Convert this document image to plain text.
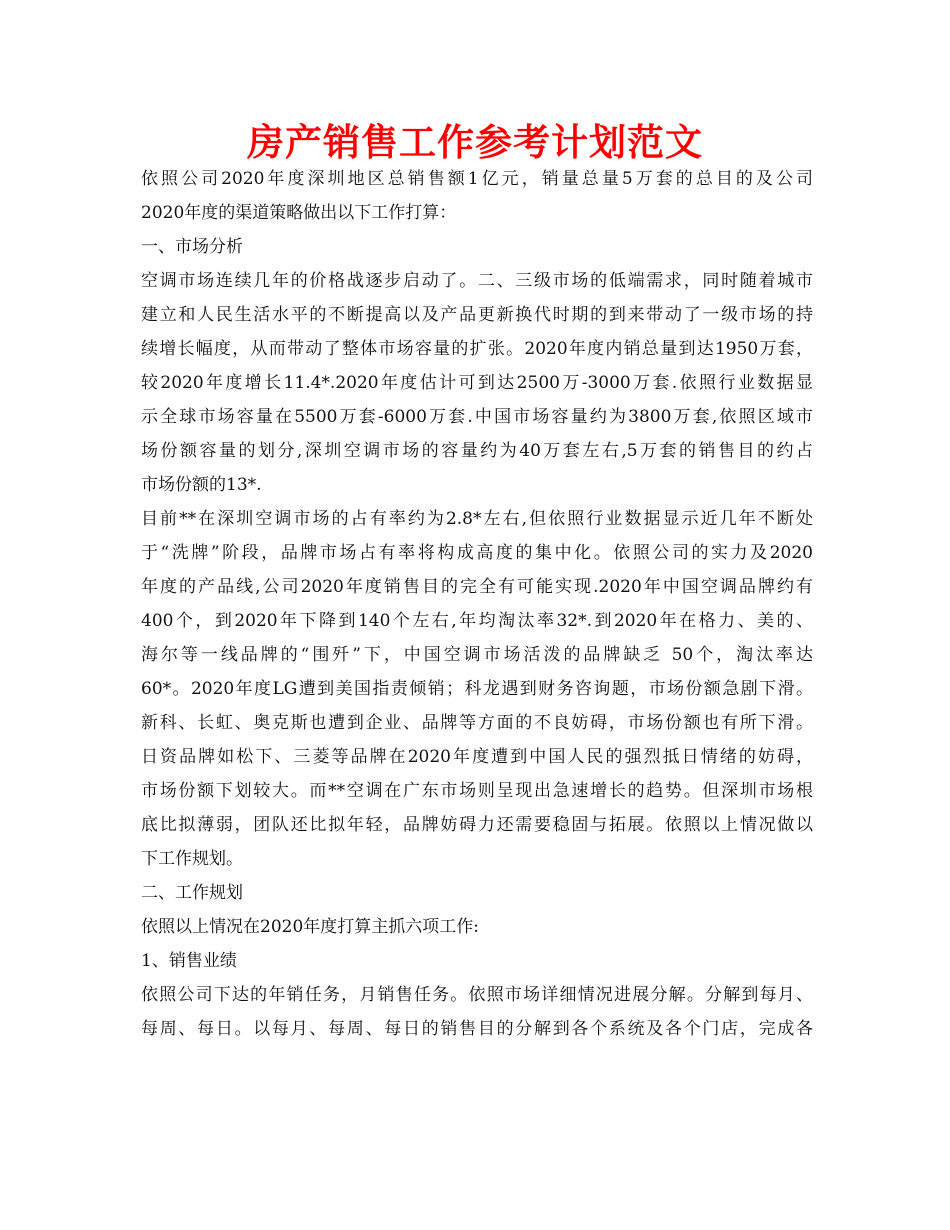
房产销售工作参考计划范文
依照公司2020年度深圳地区总销售额1亿元，销量总量5万套的总目的及公司
2020年度的渠道策略做出以下工作打算：
一、市场分析
空调市场连续几年的价格战逐步启动了。二、三级市场的低端需求，同时随着城市
建立和人民生活水平的不断提高以及产品更新换代时期的到来带动了一级市场的持
续增长幅度，从而带动了整体市场容量的扩张。2020年度内销总量到达1950万套，
较2020年度增长11.4*.2020年度估计可到达2500万-3000万套.依照行业数据显
示全球市场容量在5500万套-6000万套.中国市场容量约为3800万套,依照区域市
场份额容量的划分,深圳空调市场的容量约为40万套左右,5万套的销售目的约占
市场份额的13*.
目前**在深圳空调市场的占有率约为2.8*左右,但依照行业数据显示近几年不断处
于“洗牌”阶段，品牌市场占有率将构成高度的集中化。依照公司的实力及2020
年度的产品线,公司2020年度销售目的完全有可能实现.2020年中国空调品牌约有
400个，到2020年下降到140个左右,年均淘汰率32*.到2020年在格力、美的、
海尔等一线品牌的“围歼”下，中国空调市场活泼的品牌缺乏 50个，淘汰率达
60*。2020年度LG遭到美国指责倾销；科龙遇到财务咨询题，市场份额急剧下滑。
新科、长虹、奥克斯也遭到企业、品牌等方面的不良妨碍，市场份额也有所下滑。
日资品牌如松下、三菱等品牌在2020年度遭到中国人民的强烈抵日情绪的妨碍，
市场份额下划较大。而**空调在广东市场则呈现出急速增长的趋势。但深圳市场根
底比拟薄弱，团队还比拟年轻，品牌妨碍力还需要稳固与拓展。依照以上情况做以
下工作规划。
二、工作规划
依照以上情况在2020年度打算主抓六项工作:
1、销售业绩
依照公司下达的年销任务，月销售任务。依照市场详细情况进展分解。分解到每月、
每周、每日。以每月、每周、每日的销售目的分解到各个系统及各个门店，完成各
